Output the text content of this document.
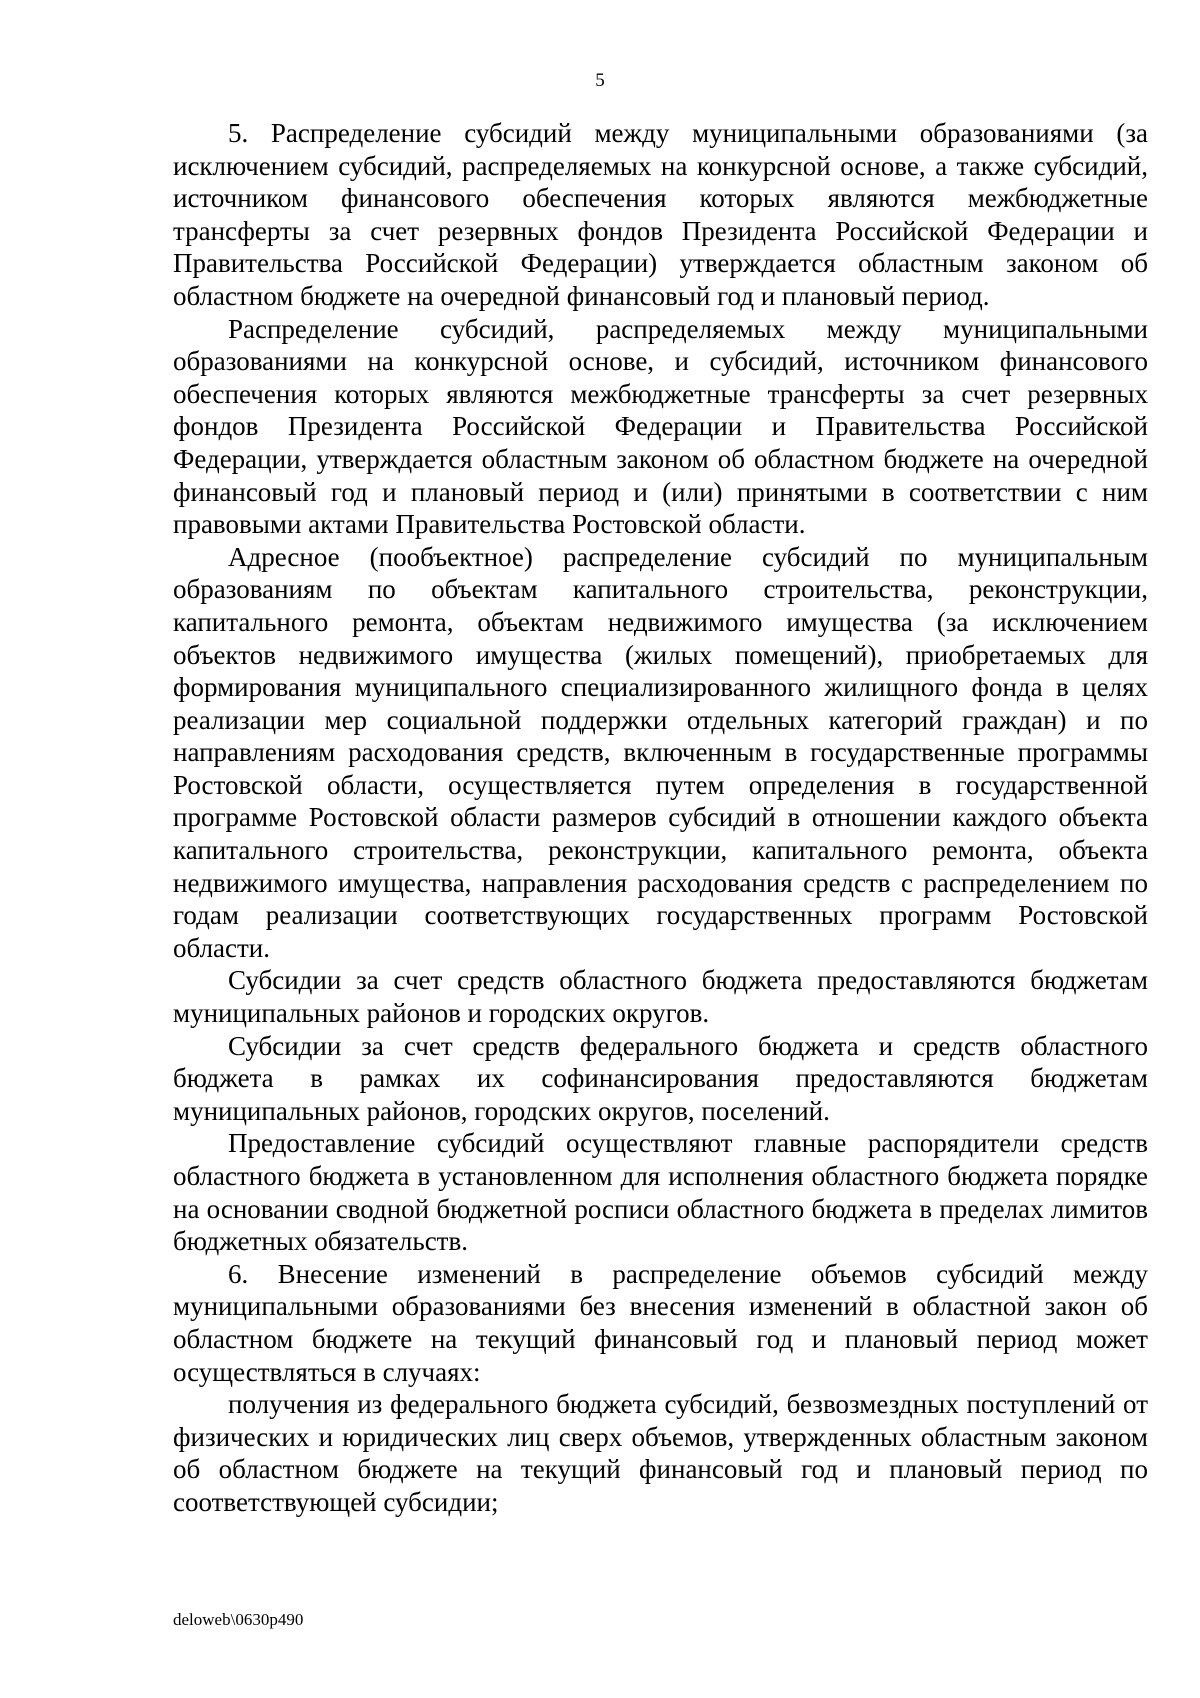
5

5. Распределение субсидий между муниципальными образованиями (за исключением субсидий, распределяемых на конкурсной основе, а также субсидий, источником финансового обеспечения которых являются межбюджетные трансферты за счет резервных фондов Президента Российской Федерации и Правительства Российской Федерации) утверждается областным законом об областном бюджете на очередной финансовый год и плановый период.

Распределение субсидий, распределяемых между муниципальными образованиями на конкурсной основе, и субсидий, источником финансового обеспечения которых являются межбюджетные трансферты за счет резервных фондов Президента Российской Федерации и Правительства Российской Федерации, утверждается областным законом об областном бюджете на очередной финансовый год и плановый период и (или) принятыми в соответствии с ним правовыми актами Правительства Ростовской области.

Адресное (пообъектное) распределение субсидий по муниципальным образованиям по объектам капитального строительства, реконструкции, капитального ремонта, объектам недвижимого имущества (за исключением объектов недвижимого имущества (жилых помещений), приобретаемых для формирования муниципального специализированного жилищного фонда в целях реализации мер социальной поддержки отдельных категорий граждан) и по направлениям расходования средств, включенным в государственные программы Ростовской области, осуществляется путем определения в государственной программе Ростовской области размеров субсидий в отношении каждого объекта капитального строительства, реконструкции, капитального ремонта, объекта недвижимого имущества, направления расходования средств с распределением по годам реализации соответствующих государственных программ Ростовской области.

Субсидии за счет средств областного бюджета предоставляются бюджетам муниципальных районов и городских округов.

Субсидии за счет средств федерального бюджета и средств областного бюджета в рамках их софинансирования предоставляются бюджетам муниципальных районов, городских округов, поселений.

Предоставление субсидий осуществляют главные распорядители средств областного бюджета в установленном для исполнения областного бюджета порядке на основании сводной бюджетной росписи областного бюджета в пределах лимитов бюджетных обязательств.

6. Внесение изменений в распределение объемов субсидий между муниципальными образованиями без внесения изменений в областной закон об областном бюджете на текущий финансовый год и плановый период может осуществляться в случаях:

получения из федерального бюджета субсидий, безвозмездных поступлений от физических и юридических лиц сверх объемов, утвержденных областным законом об областном бюджете на текущий финансовый год и плановый период по соответствующей субсидии;

deloweb\0630p490
